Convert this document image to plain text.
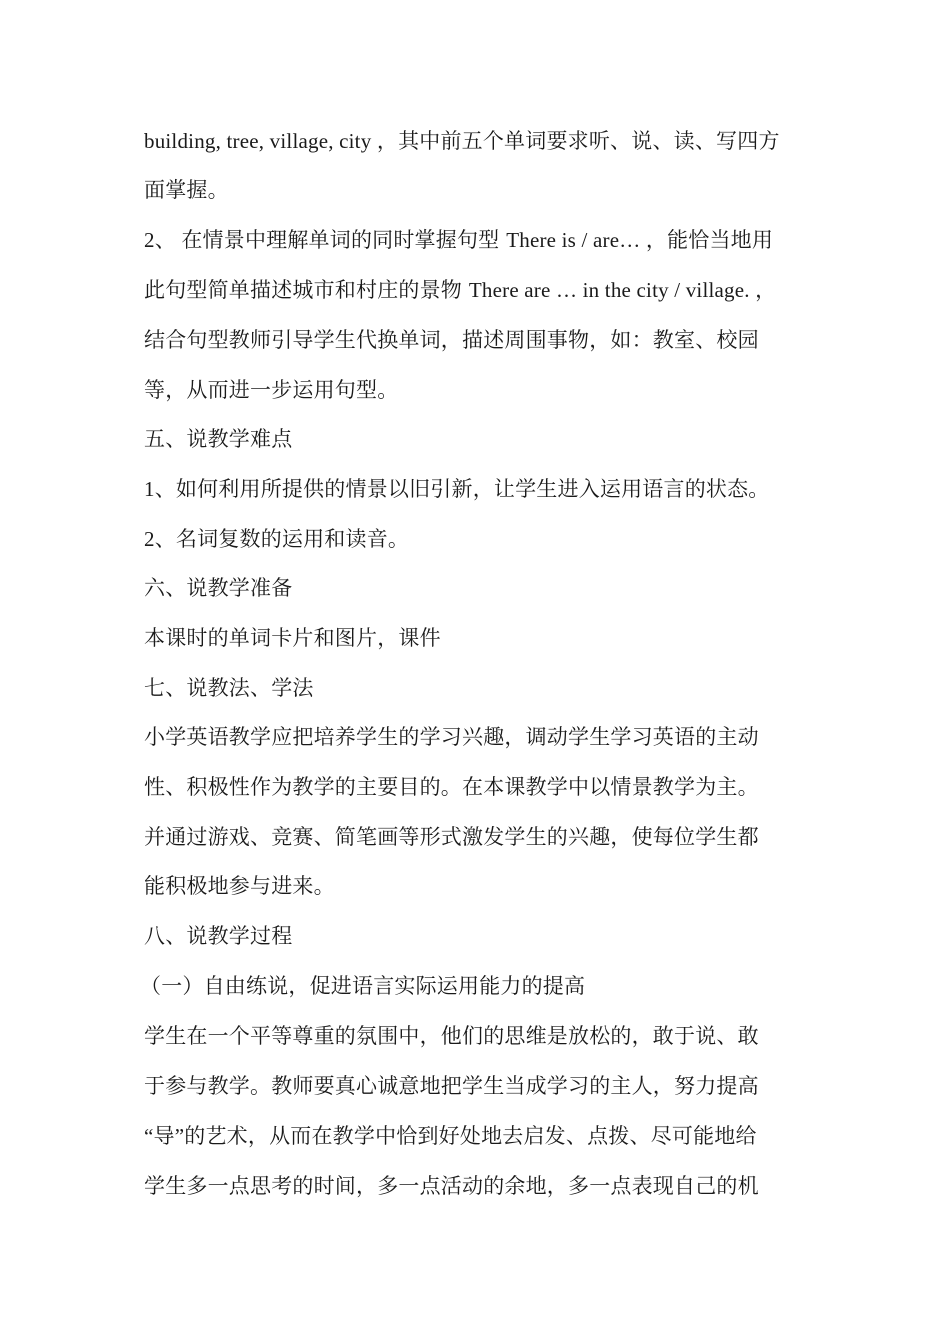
building, tree, village, city ，其中前五个单词要求听、说、读、写四方
面掌握。
2、 在情景中理解单词的同时掌握句型 There is / are… ，能恰当地用
此句型简单描述城市和村庄的景物 There are … in the city / village. ，
结合句型教师引导学生代换单词，描述周围事物，如：教室、校园
等，从而进一步运用句型。
五、说教学难点
1、如何利用所提供的情景以旧引新，让学生进入运用语言的状态。
2、名词复数的运用和读音。
六、说教学准备
本课时的单词卡片和图片，课件
七、说教法、学法
小学英语教学应把培养学生的学习兴趣，调动学生学习英语的主动
性、积极性作为教学的主要目的。在本课教学中以情景教学为主。
并通过游戏、竞赛、简笔画等形式激发学生的兴趣，使每位学生都
能积极地参与进来。
八、说教学过程
（一）自由练说，促进语言实际运用能力的提高
学生在一个平等尊重的氛围中，他们的思维是放松的，敢于说、敢
于参与教学。教师要真心诚意地把学生当成学习的主人，努力提高
“导”的艺术，从而在教学中恰到好处地去启发、点拨、尽可能地给
学生多一点思考的时间，多一点活动的余地，多一点表现自己的机
